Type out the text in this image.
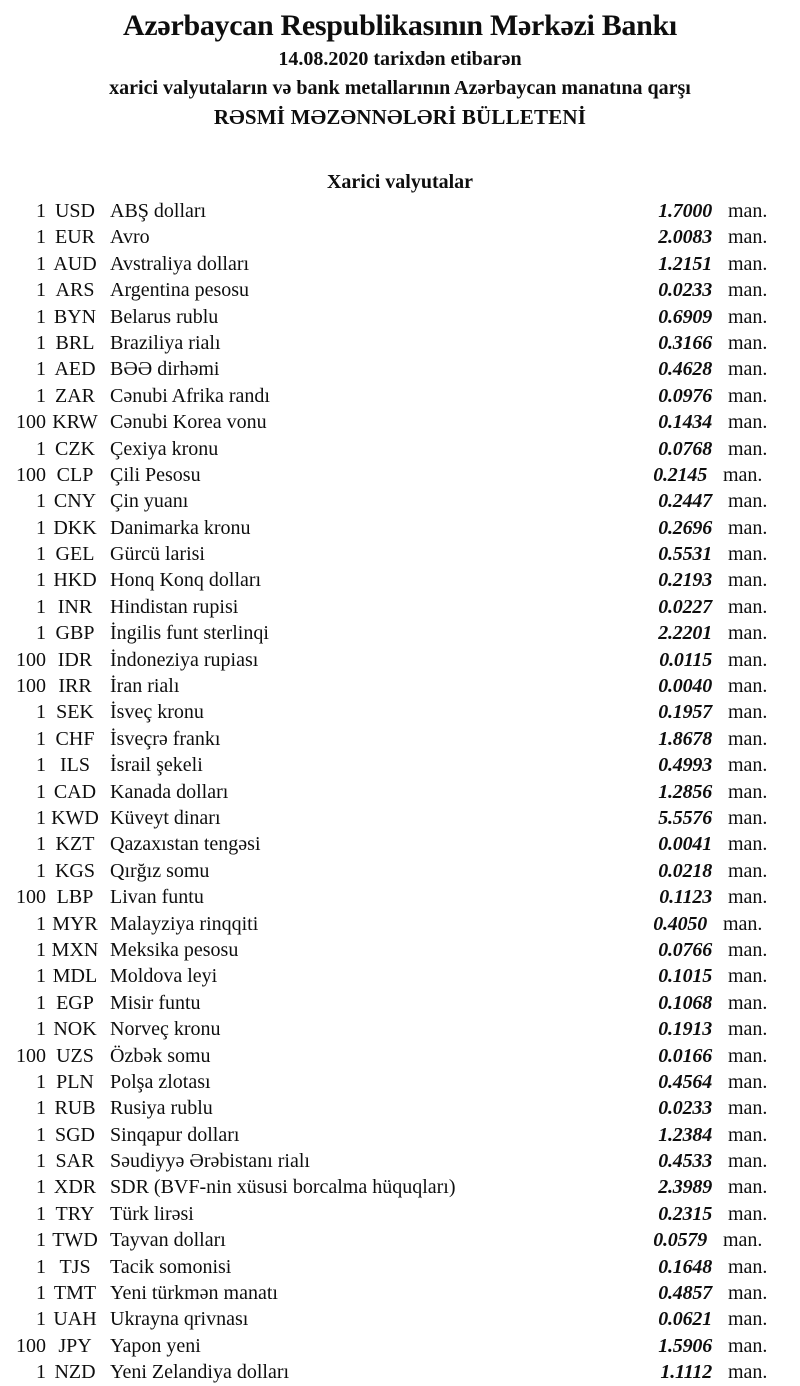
Azərbaycan Respublikasının Mərkəzi Bankı
14.08.2020 tarixdən etibarən
xarici valyutaların və bank metallarının Azərbaycan manatına qarşı
RƏSMİ MƏZƏNNƏLƏRİ BÜLLETENİ
Xarici valyutalar
1 USD ABŞ dolları	1.7000 man.
1 EUR Avro	2.0083 man.
1 AUD Avstraliya dolları	1.2151 man.
1 ARS Argentina pesosu	0.0233 man.
1 BYN Belarus rublu	0.6909 man.
1 BRL Braziliya rialı	0.3166 man.
1 AED BƏƏ dirhəmi	0.4628 man.
1 ZAR Cənubi Afrika randı	0.0976 man.
100 KRW Cənubi Korea vonu	0.1434 man.
1 CZK Çexiya kronu	0.0768 man.
100 CLP Çili Pesosu	0.2145 man.
1 CNY Çin yuanı	0.2447 man.
1 DKK Danimarka kronu	0.2696 man.
1 GEL Gürcü larisi	0.5531 man.
1 HKD Honq Konq dolları	0.2193 man.
1 INR Hindistan rupisi	0.0227 man.
1 GBP İngilis funt sterlinqi	2.2201 man.
100 IDR İndoneziya rupiası	0.0115 man.
100 IRR İran rialı	0.0040 man.
1 SEK İsveç kronu	0.1957 man.
1 CHF İsveçrə frankı	1.8678 man.
1 ILS	İsrail şekeli	0.4993 man.
1 CAD Kanada dolları	1.2856 man.
1 KWD Küveyt dinarı	5.5576 man.
1 KZT Qazaxıstan tengəsi	0.0041 man.
1 KGS Qırğız somu	0.0218 man.
100 LBP Livan funtu	0.1123 man.
1 MYR Malayziya rinqqiti	0.4050 man.
1 MXN Meksika pesosu	0.0766 man.
1 MDL Moldova leyi	0.1015 man.
1 EGP Misir funtu	0.1068 man.
1 NOK Norveç kronu	0.1913 man.
100 UZS Özbək somu	0.0166 man.
1 PLN Polşa zlotası	0.4564 man.
1 RUB Rusiya rublu	0.0233 man.
1 SGD Sinqapur dolları	1.2384 man.
1 SAR Səudiyyə Ərəbistanı rialı	0.4533 man.
1 XDR SDR (BVF-nin xüsusi borcalma hüquqları)	2.3989 man.
1 TRY Türk lirəsi	0.2315 man.
1 TWD Tayvan dolları	0.0579 man.
1 TJS Tacik somonisi	0.1648 man.
1 TMT Yeni türkmən manatı	0.4857 man.
1 UAH Ukrayna qrivnası	0.0621 man.
100 JPY Yapon yeni	1.5906 man.
1 NZD Yeni Zelandiya dolları	1.1112 man.
